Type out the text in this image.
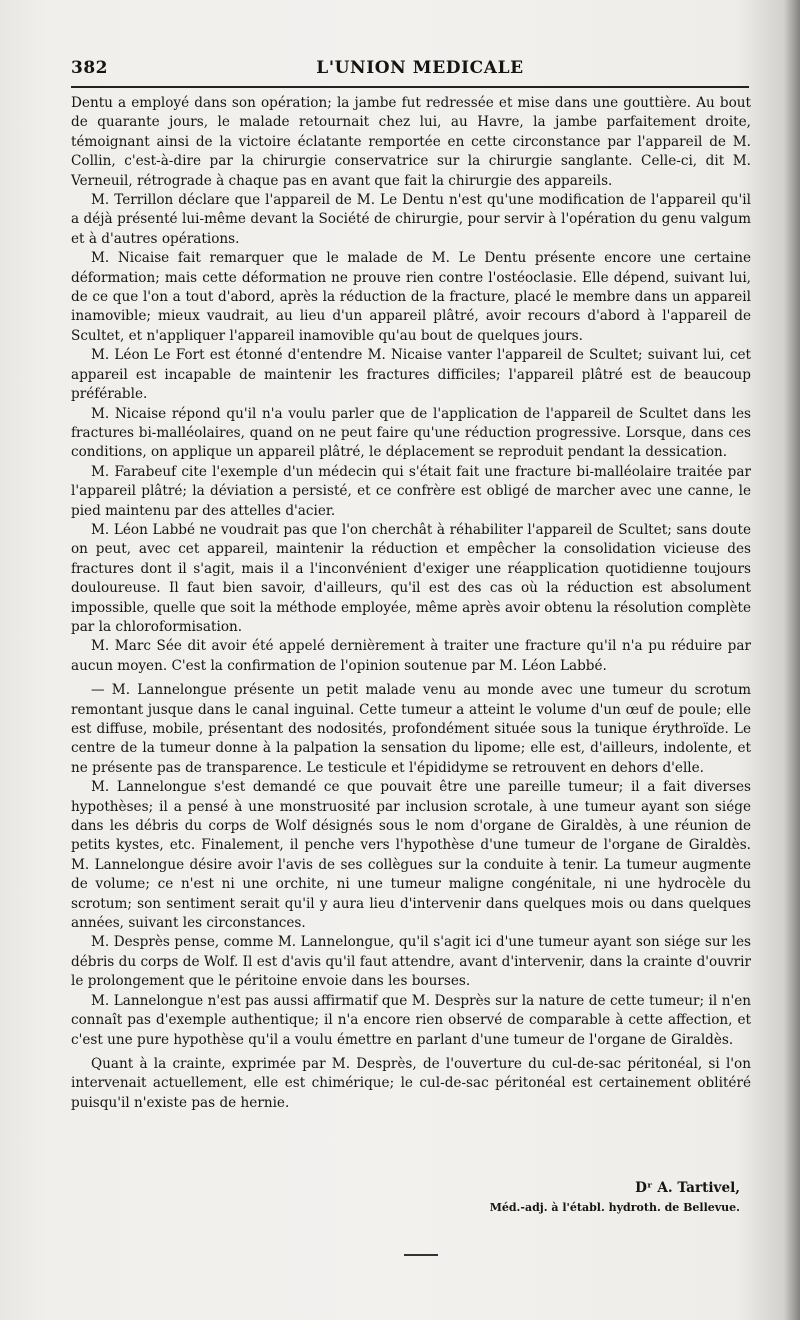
382	L'UNION MEDICALE

Dentu a employé dans son opération; la jambe fut redressée et mise dans une gouttière. Au bout de quarante jours, le malade retournait chez lui, au Havre, la jambe parfaitement droite, témoignant ainsi de la victoire éclatante remportée en cette circonstance par l'appareil de M. Collin, c'est-à-dire par la chirurgie conservatrice sur la chirurgie sanglante. Celle-ci, dit M. Verneuil, rétrograde à chaque pas en avant que fait la chirurgie des appareils.

M. Terrillon déclare que l'appareil de M. Le Dentu n'est qu'une modification de l'appareil qu'il a déjà présenté lui-même devant la Société de chirurgie, pour servir à l'opération du genu valgum et à d'autres opérations.

M. Nicaise fait remarquer que le malade de M. Le Dentu présente encore une certaine déformation; mais cette déformation ne prouve rien contre l'ostéoclasie. Elle dépend, suivant lui, de ce que l'on a tout d'abord, après la réduction de la fracture, placé le membre dans un appareil inamovible; mieux vaudrait, au lieu d'un appareil plâtré, avoir recours d'abord à l'appareil de Scultet, et n'appliquer l'appareil inamovible qu'au bout de quelques jours.

M. Léon Le Fort est étonné d'entendre M. Nicaise vanter l'appareil de Scultet; suivant lui, cet appareil est incapable de maintenir les fractures difficiles; l'appareil plâtré est de beaucoup préférable.

M. Nicaise répond qu'il n'a voulu parler que de l'application de l'appareil de Scultet dans les fractures bi-malléolaires, quand on ne peut faire qu'une réduction progressive. Lorsque, dans ces conditions, on applique un appareil plâtré, le déplacement se reproduit pendant la dessication.

M. Farabeuf cite l'exemple d'un médecin qui s'était fait une fracture bi-malléolaire traitée par l'appareil plâtré; la déviation a persisté, et ce confrère est obligé de marcher avec une canne, le pied maintenu par des attelles d'acier.

M. Léon Labbé ne voudrait pas que l'on cherchât à réhabiliter l'appareil de Scultet; sans doute on peut, avec cet appareil, maintenir la réduction et empêcher la consolidation vicieuse des fractures dont il s'agit, mais il a l'inconvénient d'exiger une réapplication quotidienne toujours douloureuse. Il faut bien savoir, d'ailleurs, qu'il est des cas où la réduction est absolument impossible, quelle que soit la méthode employée, même après avoir obtenu la résolution complète par la chloroformisation.

M. Marc Sée dit avoir été appelé dernièrement à traiter une fracture qu'il n'a pu réduire par aucun moyen. C'est la confirmation de l'opinion soutenue par M. Léon Labbé.

— M. Lannelongue présente un petit malade venu au monde avec une tumeur du scrotum remontant jusque dans le canal inguinal. Cette tumeur a atteint le volume d'un œuf de poule; elle est diffuse, mobile, présentant des nodosités, profondément située sous la tunique érythroïde. Le centre de la tumeur donne à la palpation la sensation du lipome; elle est, d'ailleurs, indolente, et ne présente pas de transparence. Le testicule et l'épididyme se retrouvent en dehors d'elle.

M. Lannelongue s'est demandé ce que pouvait être une pareille tumeur; il a fait diverses hypothèses; il a pensé à une monstruosité par inclusion scrotale, à une tumeur ayant son siége dans les débris du corps de Wolf désignés sous le nom d'organe de Giraldès, à une réunion de petits kystes, etc. Finalement, il penche vers l'hypothèse d'une tumeur de l'organe de Giraldès. M. Lannelongue désire avoir l'avis de ses collègues sur la conduite à tenir. La tumeur augmente de volume; ce n'est ni une orchite, ni une tumeur maligne congénitale, ni une hydrocèle du scrotum; son sentiment serait qu'il y aura lieu d'intervenir dans quelques mois ou dans quelques années, suivant les circonstances.

M. Desprès pense, comme M. Lannelongue, qu'il s'agit ici d'une tumeur ayant son siége sur les débris du corps de Wolf. Il est d'avis qu'il faut attendre, avant d'intervenir, dans la crainte d'ouvrir le prolongement que le péritoine envoie dans les bourses.

M. Lannelongue n'est pas aussi affirmatif que M. Desprès sur la nature de cette tumeur; il n'en connaît pas d'exemple authentique; il n'a encore rien observé de comparable à cette affection, et c'est une pure hypothèse qu'il a voulu émettre en parlant d'une tumeur de l'organe de Giraldès.

Quant à la crainte, exprimée par M. Desprès, de l'ouverture du cul-de-sac péritonéal, si l'on intervenait actuellement, elle est chimérique; le cul-de-sac péritonéal est certainement oblitéré puisqu'il n'existe pas de hernie.

Dʳ A. Tartivel,
Méd.-adj. à l'établ. hydroth. de Bellevue.
